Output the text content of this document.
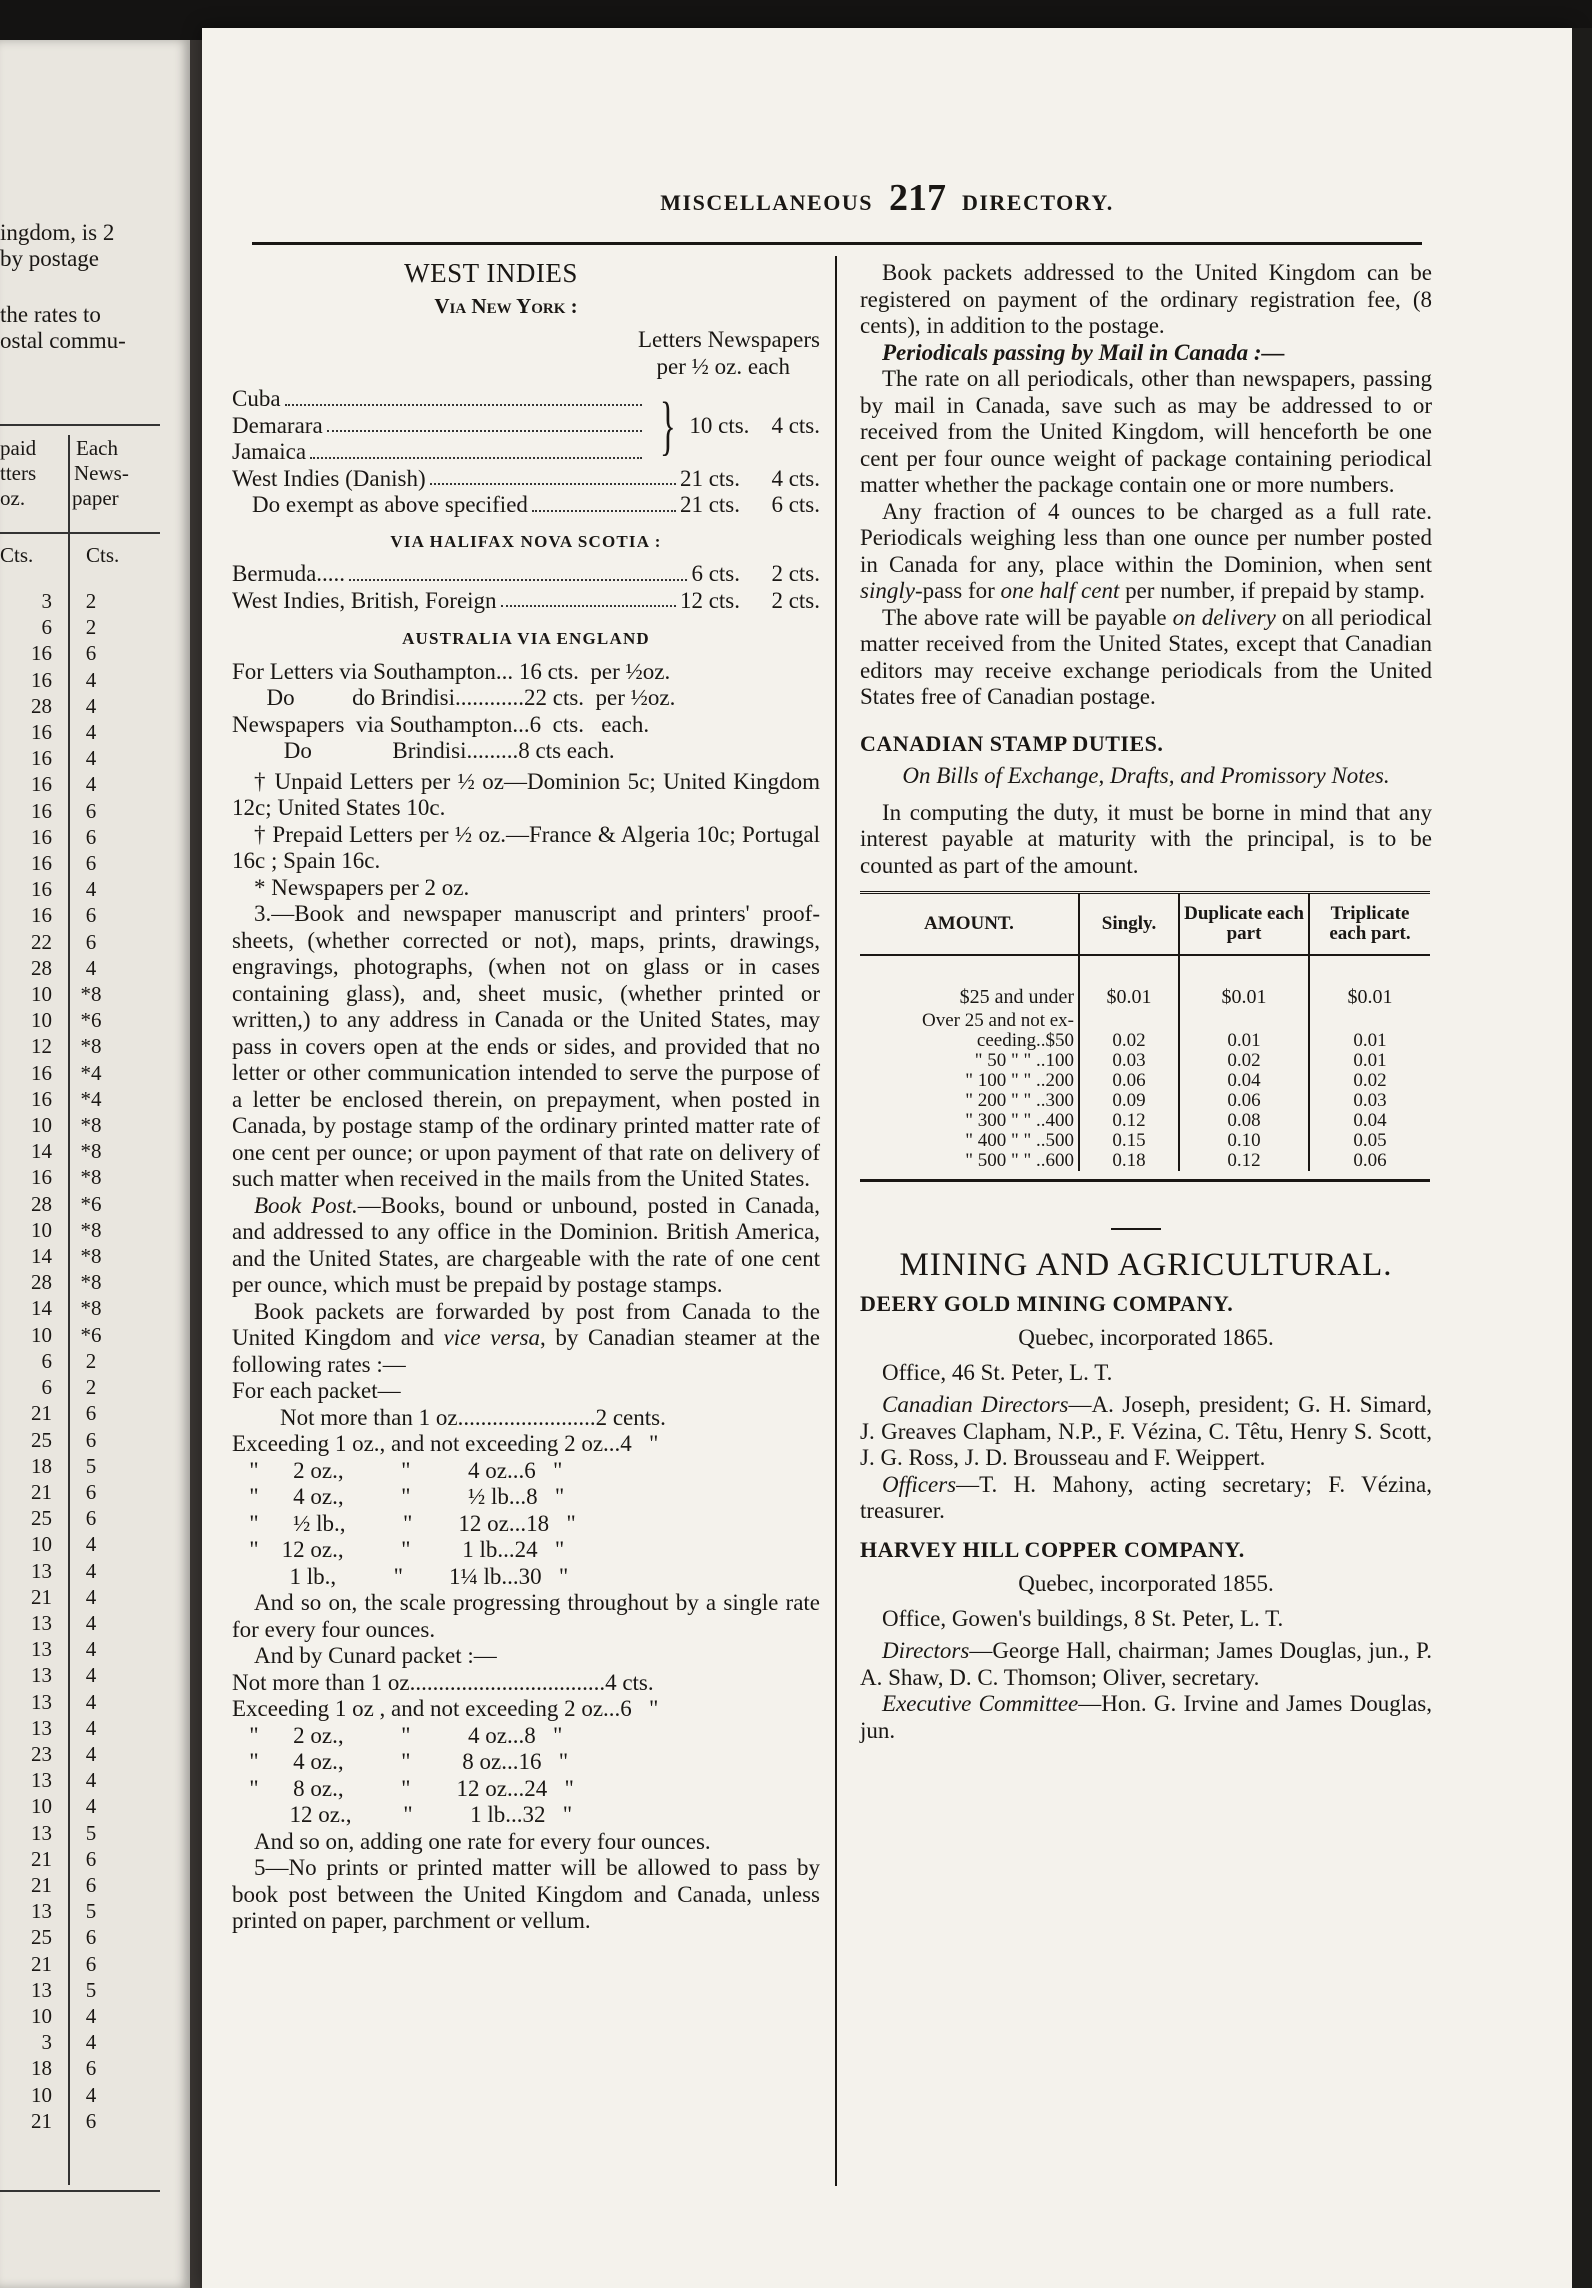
ingdom, is 2
by postage
the rates to
ostal commu-
paid Each
tters News-
oz. paper
Cts.	Cts.
3	2
6	2
16	6
16	4
28	4
16	4
16	4
16	4
16	6
16	6
16	6
16	4
16	6
22	6
28	4
10	*8
10	*6
12	*8
16	*4
16	*4
10	*8
14	*8
16	*8
28	*6
10	*8
14	*8
28	*8
14	*8
10	*6
6	2
6	2
21	6
25	6
18	5
21	6
25	6
10	4
13	4
21	4
13	4
13	4
13	4
13	4
13	4
23	4
13	4
10	4
13	5
21	6
21	6
13	5
25	6
21	6
13	5
10	4
3	4
18	6
10	4
21	6
MISCELLANEOUS 217 DIRECTORY.

WEST INDIES

Via New York :

Letters Newspapers

per ½ oz. each

Cuba
Demarara
Jamaica	} 10 cts. 4 cts.
West Indies (Danish)	21 cts.	4 cts.
Do exempt as above specified	21 cts.	6 cts.

VIA HALIFAX NOVA SCOTIA :

Bermuda.....	6 cts.	2 cts.
West Indies, British, Foreign	12 cts.	2 cts.

AUSTRALIA VIA ENGLAND

For Letters via Southampton... 16 cts.  per ½oz.

Do          do Brindisi............22 cts.  per ½oz.

Newspapers  via Southampton...6  cts.   each.

Do              Brindisi.........8 cts each.

† Unpaid Letters per ½ oz—Dominion 5c; United Kingdom 12c; United States 10c.

† Prepaid Letters per ½ oz.—France & Algeria 10c; Portugal 16c ; Spain 16c.

* Newspapers per 2 oz.

3.—Book and newspaper manuscript and printers' proof-sheets, (whether corrected or not), maps, prints, drawings, engravings, photographs, (when not on glass or in cases containing glass), and, sheet music, (whether printed or written,) to any address in Canada or the United States, may pass in covers open at the ends or sides, and provided that no letter or other communication intended to serve the purpose of a letter be enclosed therein, on prepayment, when posted in Canada, by postage stamp of the ordinary printed matter rate of one cent per ounce; or upon payment of that rate on delivery of such matter when received in the mails from the United States.

Book Post.—Books, bound or unbound, posted in Canada, and addressed to any office in the Dominion. British America, and the United States, are chargeable with the rate of one cent per ounce, which must be prepaid by postage stamps.

Book packets are forwarded by post from Canada to the United Kingdom and vice versa, by Canadian steamer at the following rates :—

For each packet—

Not more than 1 oz........................2 cents.

Exceeding 1 oz., and not exceeding 2 oz...4   "

"      2 oz.,          "          4 oz...6   "

"      4 oz.,          "          ½ lb...8   "

"      ½ lb.,          "        12 oz...18   "

"    12 oz.,          "         1 lb...24   "

1 lb.,          "        1¼ lb...30   "

And so on, the scale progressing throughout by a single rate for every four ounces.

And by Cunard packet :—

Not more than 1 oz..................................4 cts.

Exceeding 1 oz , and not exceeding 2 oz...6   "

"      2 oz.,          "          4 oz...8   "

"      4 oz.,          "         8 oz...16   "

"      8 oz.,          "        12 oz...24   "

12 oz.,         "          1 lb...32   "

And so on, adding one rate for every four ounces.

5—No prints or printed matter will be allowed to pass by book post between the United Kingdom and Canada, unless printed on paper, parchment or vellum.

Book packets addressed to the United Kingdom can be registered on payment of the ordinary registration fee, (8 cents), in addition to the postage.

Periodicals passing by Mail in Canada :—

The rate on all periodicals, other than newspapers, passing by mail in Canada, save such as may be addressed to or received from the United Kingdom, will henceforth be one cent per four ounce weight of package containing periodical matter whether the package contain one or more numbers.

Any fraction of 4 ounces to be charged as a full rate. Periodicals weighing less than one ounce per number posted in Canada for any, place within the Dominion, when sent singly-pass for one half cent per number, if prepaid by stamp.

The above rate will be payable on delivery on all periodical matter received from the United States, except that Canadian editors may receive exchange periodicals from the United States free of Canadian postage.

CANADIAN STAMP DUTIES.

On Bills of Exchange, Drafts, and Promissory Notes.

In computing the duty, it must be borne in mind that any interest payable at maturity with the principal, is to be counted as part of the amount.

AMOUNT.	Singly.	Duplicate each part	Triplicate each part.
$25 and under	$0.01	$0.01	$0.01
Over 25 and not ex-			
ceeding..$50	0.02	0.01	0.01
" 50 " " ..100	0.03	0.02	0.01
" 100 " " ..200	0.06	0.04	0.02
" 200 " " ..300	0.09	0.06	0.03
" 300 " " ..400	0.12	0.08	0.04
" 400 " " ..500	0.15	0.10	0.05
" 500 " " ..600	0.18	0.12	0.06

MINING AND AGRICULTURAL.

DEERY GOLD MINING COMPANY.

Quebec, incorporated 1865.

Office, 46 St. Peter, L. T.

Canadian Directors—A. Joseph, president; G. H. Simard, J. Greaves Clapham, N.P., F. Vézina, C. Têtu, Henry S. Scott, J. G. Ross, J. D. Brousseau and F. Weippert.

Officers—T. H. Mahony, acting secretary; F. Vézina, treasurer.

HARVEY HILL COPPER COMPANY.

Quebec, incorporated 1855.

Office, Gowen's buildings, 8 St. Peter, L. T.

Directors—George Hall, chairman; James Douglas, jun., P. A. Shaw, D. C. Thomson; Oliver, secretary.

Executive Committee—Hon. G. Irvine and James Douglas, jun.
